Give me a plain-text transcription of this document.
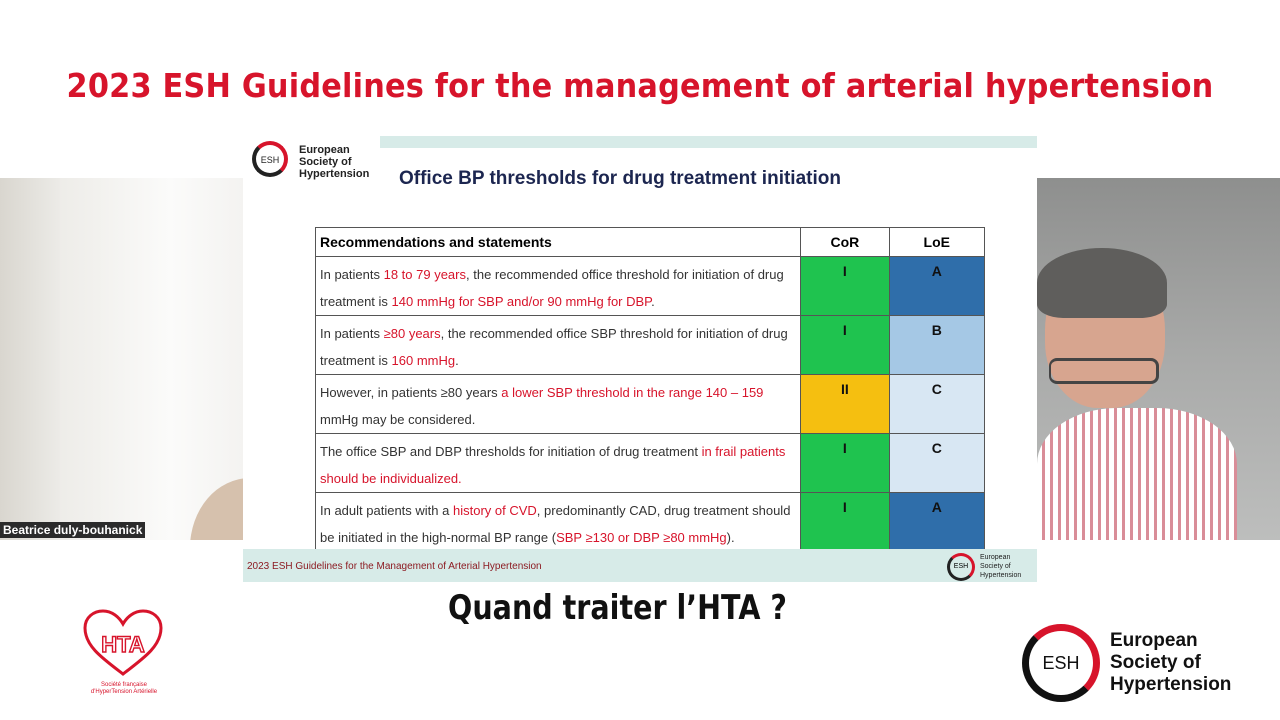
2023 ESH Guidelines for the management of arterial hypertension
Beatrice duly-bouhanick
ESH
European
Society of
Hypertension Office BP thresholds for drug treatment initiation
Recommendations and statements	CoR	LoE
In patients 18 to 79 years, the recommended office threshold for initiation of drug treatment is 140 mmHg for SBP and/or 90 mmHg for DBP.	I	A
In patients ≥80 years, the recommended office SBP threshold for initiation of drug treatment is 160 mmHg.	I	B
However, in patients ≥80 years a lower SBP threshold in the range 140 – 159 mmHg may be considered.	II	C
The office SBP and DBP thresholds for initiation of drug treatment in frail patients should be individualized.	I	C
In adult patients with a history of CVD, predominantly CAD, drug treatment should be initiated in the high-normal BP range (SBP ≥130 or DBP ≥80 mmHg).	I	A
2023 ESH Guidelines for the Management of Arterial Hypertension	ESH
European
Society of
Hypertension
Quand traiter l’HTA ?
HTA
Société française
d'HyperTension Artérielle
ESH
European
Society of
Hypertension
